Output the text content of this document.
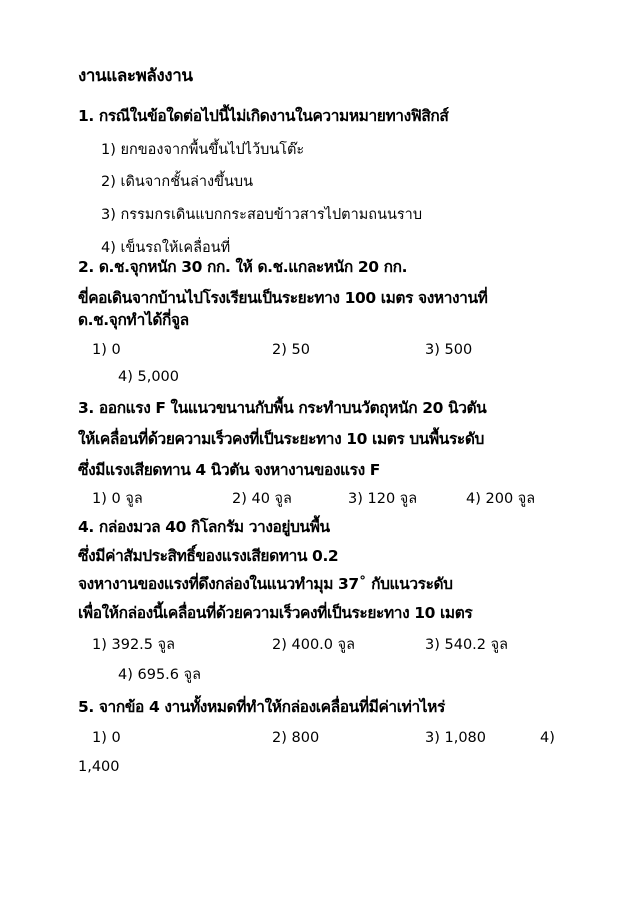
งานและพลังงาน
1. กรณีในข้อใดต่อไปนี้ไม่เกิดงานในความหมายทางฟิสิกส์
1) ยกของจากพื้นขึ้นไปไว้บนโต๊ะ
2) เดินจากชั้นล่างขึ้นบน
3) กรรมกรเดินแบกกระสอบข้าวสารไปตามถนนราบ
4) เข็นรถให้เคลื่อนที่
2. ด.ช.จุกหนัก 30 กก. ให้ ด.ช.แกละหนัก 20 กก.
ขี่คอเดินจากบ้านไปโรงเรียนเป็นระยะทาง 100 เมตร จงหางานที่
ด.ช.จุกทำได้กี่จูล
1) 0	2) 50	3) 500
4) 5,000
3. ออกแรง F ในแนวขนานกับพื้น กระทำบนวัตถุหนัก 20 นิวตัน
ให้เคลื่อนที่ด้วยความเร็วคงที่เป็นระยะทาง 10 เมตร บนพื้นระดับ
ซึ่งมีแรงเสียดทาน 4 นิวตัน จงหางานของแรง F
1) 0 จูล	2) 40 จูล	3) 120 จูล	4) 200 จูล
4. กล่องมวล 40 กิโลกรัม วางอยู่บนพื้น
ซึ่งมีค่าสัมประสิทธิ์ของแรงเสียดทาน 0.2
จงหางานของแรงที่ดึงกล่องในแนวทำมุม 37˚ กับแนวระดับ
เพื่อให้กล่องนี้เคลื่อนที่ด้วยความเร็วคงที่เป็นระยะทาง 10 เมตร
1) 392.5 จูล	2) 400.0 จูล	3) 540.2 จูล
4) 695.6 จูล
5. จากข้อ 4 งานทั้งหมดที่ทำให้กล่องเคลื่อนที่มีค่าเท่าไหร่
1) 0	2) 800	3) 1,080	4)
1,400
